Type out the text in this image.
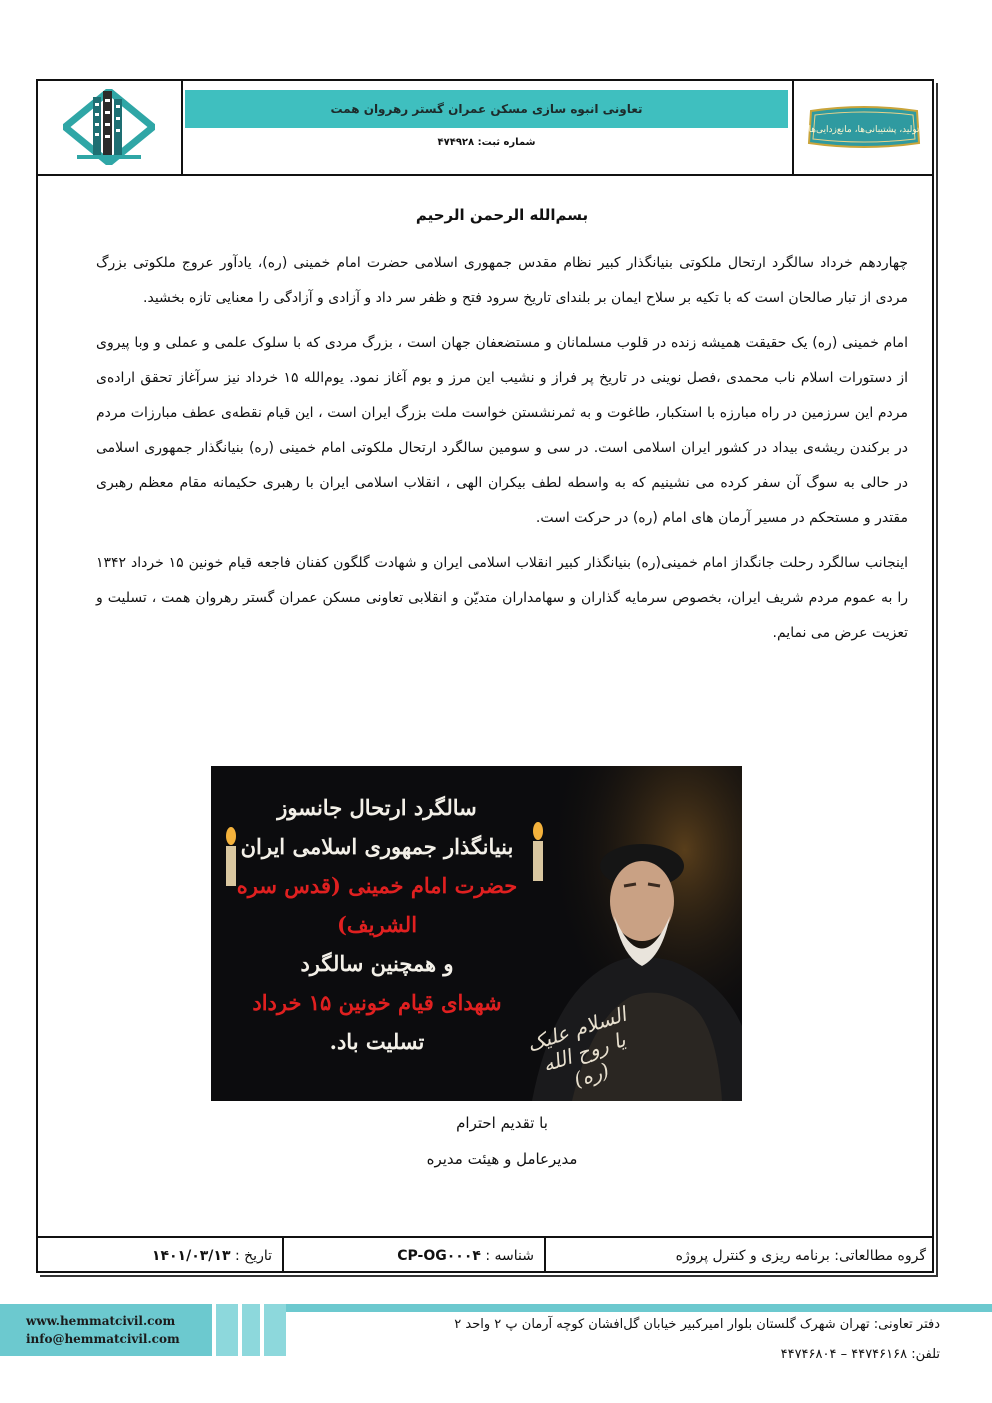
تعاونی انبوه سازی مسکن عمران گستر رهروان همت
شماره ثبت: ۴۷۴۹۲۸
تولید، پشتیبانی‌ها، مانع‌زدایی‌ها
بسم‌الله الرحمن الرحیم

چهاردهم خرداد سالگرد ارتحال ملکوتی بنیانگذار کبیر نظام مقدس جمهوری اسلامی حضرت امام خمینی (ره)، یادآور عروج ملکوتی بزرگ مردی از تبار صالحان است که با تکیه بر سلاح ایمان بر بلندای تاریخ سرود فتح و ظفر سر داد و آزادی و آزادگی را معنایی تازه بخشید.

امام خمینی (ره) یک حقیقت همیشه زنده در قلوب مسلمانان و مستضعفان جهان است ، بزرگ مردی که با سلوک علمی و عملی و وبا پیروی از دستورات اسلام ناب محمدی ،فصل نوینی در تاریخ پر فراز و نشیب این مرز و بوم آغاز نمود. یوم‌الله ۱۵ خرداد نیز سرآغاز تحقق اراده‌ی مردم این سرزمین در راه مبارزه با استکبار، طاغوت و به ثمرنشستن خواست ملت بزرگ ایران است ، این قیام نقطه‌ی عطف مبارزات مردم در برکندن ریشه‌ی بیداد در کشور ایران اسلامی است. در سی و سومین سالگرد ارتحال ملکوتی امام خمینی (ره) بنیانگذار جمهوری اسلامی در حالی به سوگ آن سفر کرده می نشینیم که به واسطه لطف بیکران الهی ، انقلاب اسلامی ایران با رهبری حکیمانه مقام معظم رهبری مقتدر و مستحکم در مسیر آرمان های امام (ره) در حرکت است.

اینجانب سالگرد رحلت جانگداز امام خمینی(ره) بنیانگذار کبیر انقلاب اسلامی ایران و شهادت گلگون کفنان فاجعه قیام خونین ۱۵ خرداد ۱۳۴۲ را به عموم مردم شریف ایران، بخصوص سرمایه گذاران و سهامداران متدیّن و انقلابی تعاونی مسکن عمران گستر رهروان همت ، تسلیت و تعزیت عرض می نمایم.

سالگرد ارتحال جانسوز
بنیانگذار جمهوری اسلامی ایران
حضرت امام خمینی (قدس سره الشریف)
و همچنین سالگرد
شهدای قیام خونین ۱۵ خرداد
تسلیت باد.	السلام علیک یا روح الله (ره)
با تقدیم احترام
مدیرعامل و هیئت مدیره
گروه مطالعاتی: برنامه ریزی و کنترل پروژه
شناسه :

CP-OG۰۰۰۴
تاریخ :

۱۴۰۱/۰۳/۱۳
www.hemmatcivil.com
info@hemmatcivil.com
دفتر تعاونی: تهران شهرک گلستان بلوار امیرکبیر خیابان گل‌افشان کوچه آرمان پ ۲ واحد ۲
تلفن: ۴۴۷۴۶۱۶۸ – ۴۴۷۴۶۸۰۴
